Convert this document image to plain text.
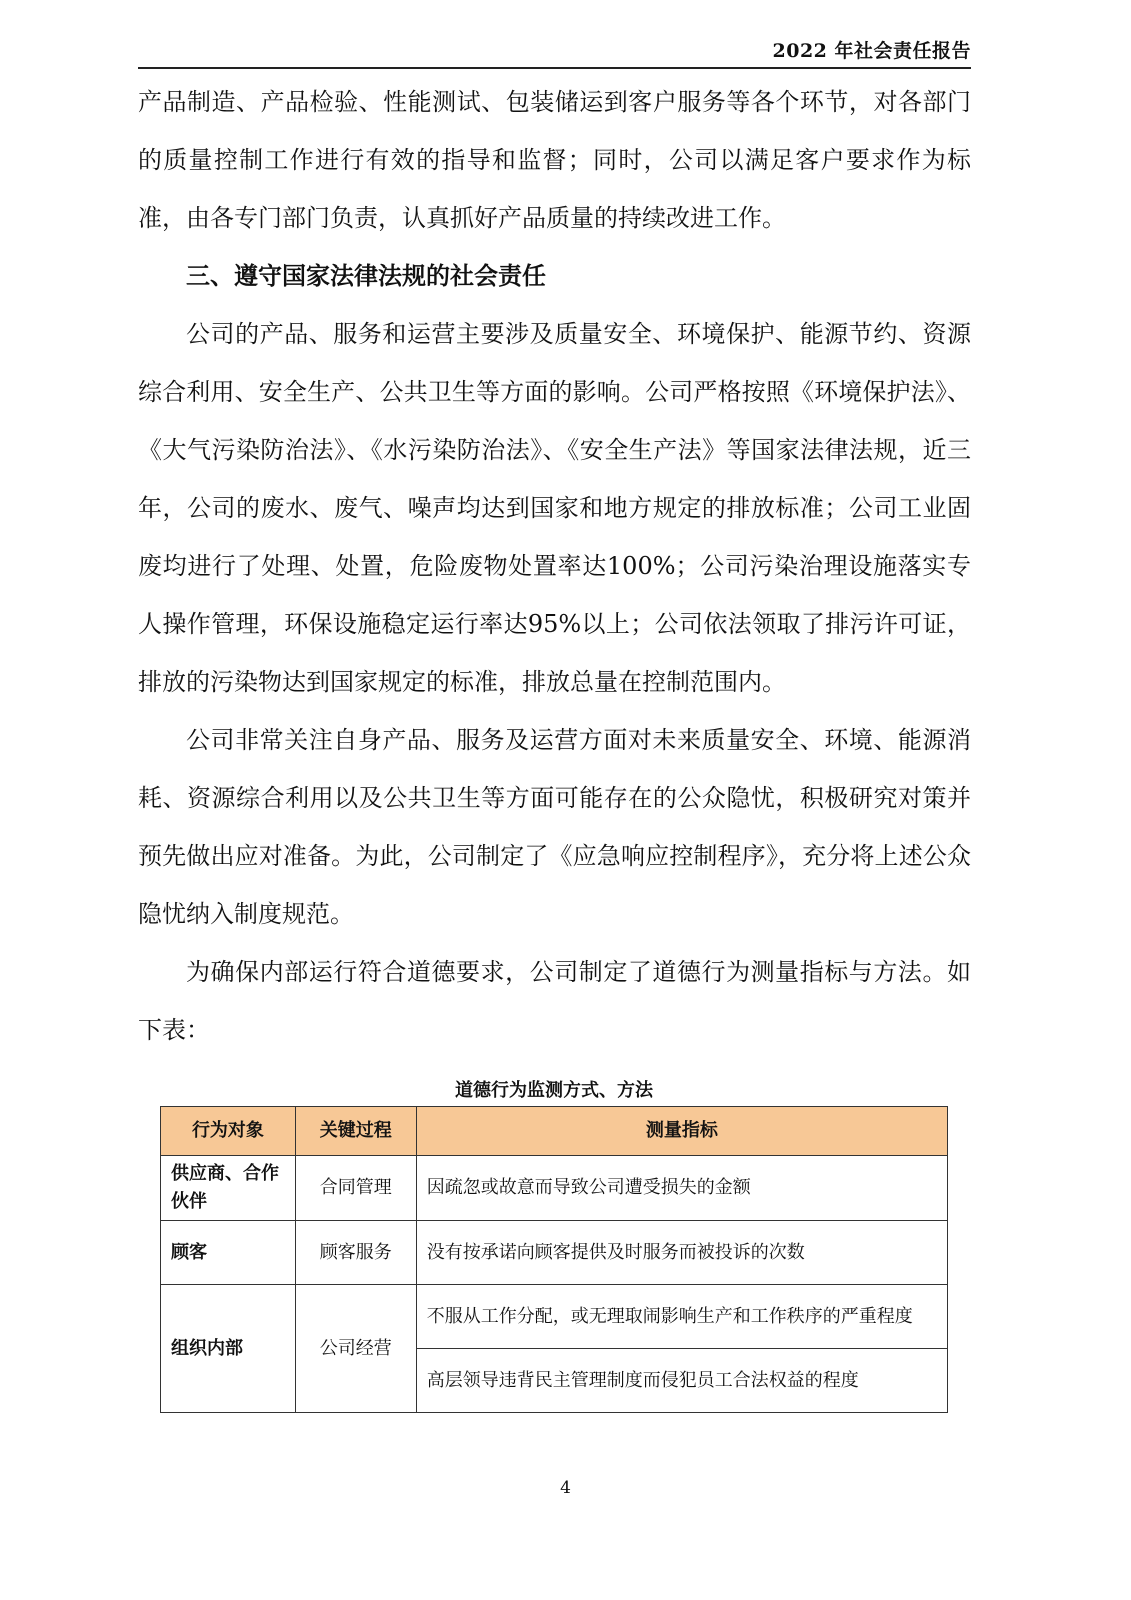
2022 年社会责任报告

产品制造、产品检验、性能测试、包装储运到客户服务等各个环节，对各部门的质量控制工作进行有效的指导和监督；同时，公司以满足客户要求作为标准，由各专门部门负责，认真抓好产品质量的持续改进工作。

三、遵守国家法律法规的社会责任

公司的产品、服务和运营主要涉及质量安全、环境保护、能源节约、资源综合利用、安全生产、公共卫生等方面的影响。公司严格按照《环境保护法》、《大气污染防治法》、《水污染防治法》、《安全生产法》等国家法律法规，近三年，公司的废水、废气、噪声均达到国家和地方规定的排放标准；公司工业固废均进行了处理、处置，危险废物处置率达100%；公司污染治理设施落实专人操作管理，环保设施稳定运行率达95%以上；公司依法领取了排污许可证，排放的污染物达到国家规定的标准，排放总量在控制范围内。

公司非常关注自身产品、服务及运营方面对未来质量安全、环境、能源消耗、资源综合利用以及公共卫生等方面可能存在的公众隐忧，积极研究对策并预先做出应对准备。为此，公司制定了《应急响应控制程序》，充分将上述公众隐忧纳入制度规范。

为确保内部运行符合道德要求，公司制定了道德行为测量指标与方法。如下表：

道德行为监测方式、方法
行为对象	关键过程	测量指标
供应商、合作伙伴	合同管理	因疏忽或故意而导致公司遭受损失的金额
顾客	顾客服务	没有按承诺向顾客提供及时服务而被投诉的次数
组织内部	公司经营	不服从工作分配，或无理取闹影响生产和工作秩序的严重程度
		高层领导违背民主管理制度而侵犯员工合法权益的程度
4
